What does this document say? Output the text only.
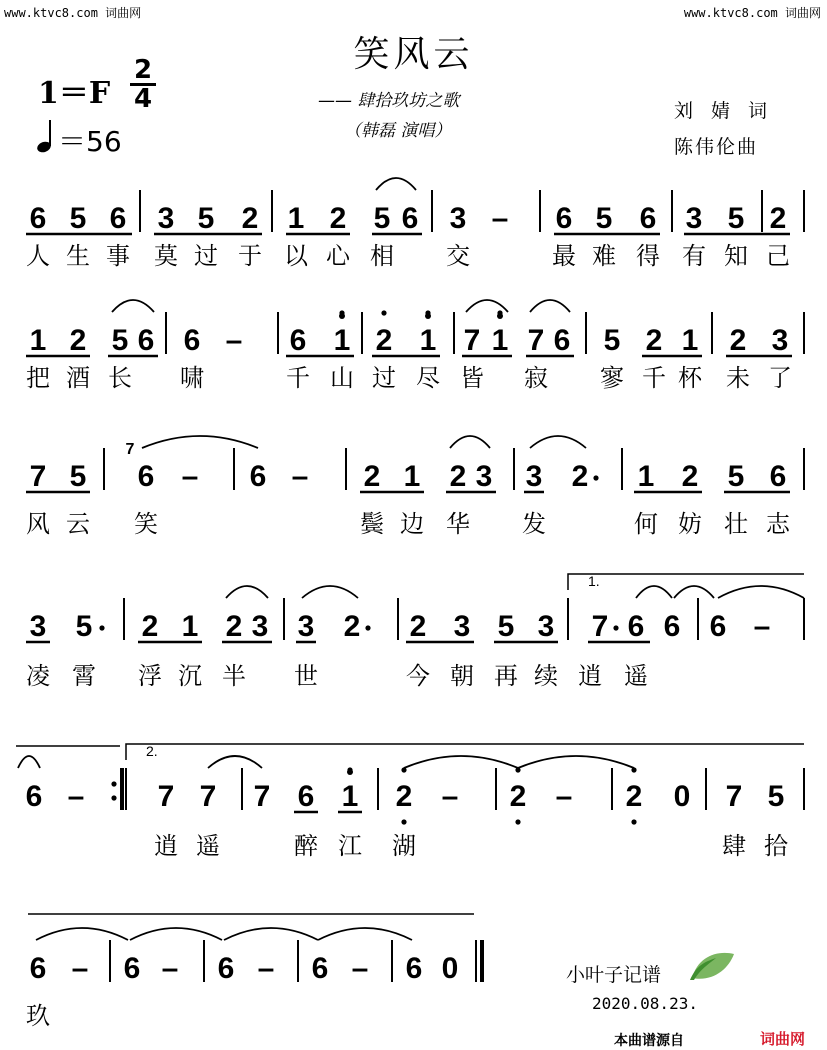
www.ktvc8.com 词曲网	www.ktvc8.com 词曲网
笑风云
—— 肆拾玖坊之歌
（韩磊 演唱）
1＝F
2
4
＝56
刘婧词
陈伟伦曲
6 5 6 3 5 2 1 2 5 6 3 – 6 5 6 3 5 2
1 2 5 6 6 – 6 1 2 1 7 1 7 6 5 2 1 2 3
7 5 6 – 6 – 2 1 2 3 3 2 1 2 5 6
7
3 5 2 1 2 3 3 2 2 3 5 3 7 6 6 6 –
1.
6 – 7 7 7 6 1 2 – 2 – 2 0 7 5
2.
6 – 6 – 6 – 6 – 6 0
人 生 事 莫 过 于 以 心 相 交	最 难 得 有 知 己
把 酒 长 啸	千 山 过 尽 皆 寂 寥 千 杯 未 了
风 云 笑	鬓 边 华 发	何 妨 壮 志
凌 霄 浮 沉 半 世	今 朝 再 续 逍 遥
逍 遥	醉 江 湖	肆 拾
玖
小叶子记谱
2020.08.23.
本曲谱源自	词曲网
